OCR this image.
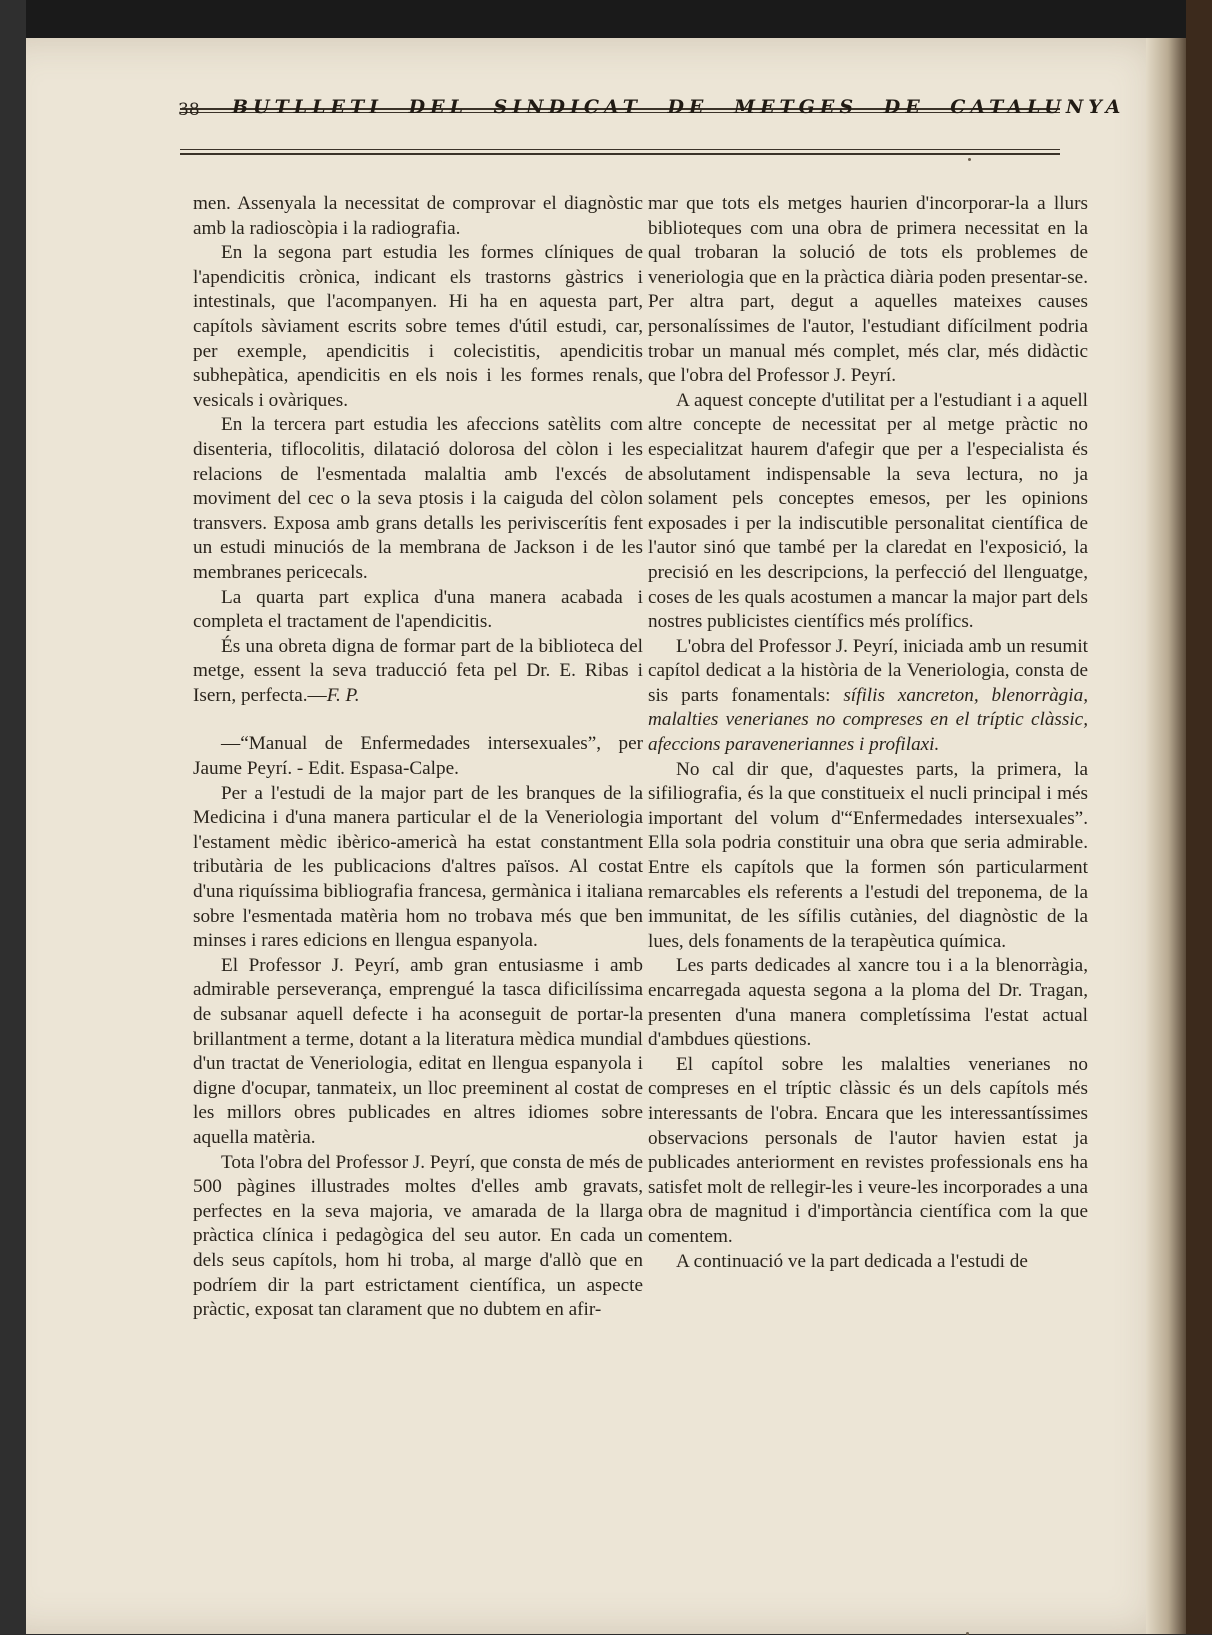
38 BUTLLETI DEL SINDICAT DE METGES DE CATALUNYA

men. Assenyala la necessitat de comprovar el diagnòstic amb la radioscòpia i la radiografia.

En la segona part estudia les formes clíniques de l'apendicitis crònica, indicant els trastorns gàstrics i intestinals, que l'acompanyen. Hi ha en aquesta part, capítols sàviament escrits sobre temes d'útil estudi, car, per exemple, apendicitis i colecistitis, apendicitis subhepàtica, apendicitis en els nois i les formes renals, vesicals i ovàriques.

En la tercera part estudia les afeccions satèlits com disenteria, tiflocolitis, dilatació dolorosa del còlon i les relacions de l'esmentada malaltia amb l'excés de moviment del cec o la seva ptosis i la caiguda del còlon transvers. Exposa amb grans detalls les periviscerítis fent un estudi minuciós de la membrana de Jackson i de les membranes pericecals.

La quarta part explica d'una manera acabada i completa el tractament de l'apendicitis.

És una obreta digna de formar part de la biblioteca del metge, essent la seva traducció feta pel Dr. E. Ribas i Isern, perfecta.—F. P.

—“Manual de Enfermedades intersexuales”, per Jaume Peyrí. - Edit. Espasa-Calpe.

Per a l'estudi de la major part de les branques de la Medicina i d'una manera particular el de la Veneriologia l'estament mèdic ibèrico-americà ha estat constantment tributària de les publicacions d'altres països. Al costat d'una riquíssima bibliografia francesa, germànica i italiana sobre l'esmentada matèria hom no trobava més que ben minses i rares edicions en llengua espanyola.

El Professor J. Peyrí, amb gran entusiasme i amb admirable perseverança, emprengué la tasca dificilíssima de subsanar aquell defecte i ha aconseguit de portar-la brillantment a terme, dotant a la literatura mèdica mundial d'un tractat de Veneriologia, editat en llengua espanyola i digne d'ocupar, tanmateix, un lloc preeminent al costat de les millors obres publicades en altres idiomes sobre aquella matèria.

Tota l'obra del Professor J. Peyrí, que consta de més de 500 pàgines illustrades moltes d'elles amb gravats, perfectes en la seva majoria, ve amarada de la llarga pràctica clínica i pedagògica del seu autor. En cada un dels seus capítols, hom hi troba, al marge d'allò que en podríem dir la part estrictament científica, un aspecte pràctic, exposat tan clarament que no dubtem en afir-

mar que tots els metges haurien d'incorporar-la a llurs biblioteques com una obra de primera necessitat en la qual trobaran la solució de tots els problemes de veneriologia que en la pràctica diària poden presentar-se. Per altra part, degut a aquelles mateixes causes personalíssimes de l'autor, l'estudiant difícilment podria trobar un manual més complet, més clar, més didàctic que l'obra del Professor J. Peyrí.

A aquest concepte d'utilitat per a l'estudiant i a aquell altre concepte de necessitat per al metge pràctic no especialitzat haurem d'afegir que per a l'especialista és absolutament indispensable la seva lectura, no ja solament pels conceptes emesos, per les opinions exposades i per la indiscutible personalitat científica de l'autor sinó que també per la claredat en l'exposició, la precisió en les descripcions, la perfecció del llenguatge, coses de les quals acostumen a mancar la major part dels nostres publicistes científics més prolífics.

L'obra del Professor J. Peyrí, iniciada amb un resumit capítol dedicat a la història de la Veneriologia, consta de sis parts fonamentals: sífilis xancreton, blenorràgia, malalties venerianes no compreses en el tríptic clàssic, afeccions paraveneriannes i profilaxi.

No cal dir que, d'aquestes parts, la primera, la sifiliografia, és la que constitueix el nucli principal i més important del volum d'“Enfermedades intersexuales”. Ella sola podria constituir una obra que seria admirable. Entre els capítols que la formen són particularment remarcables els referents a l'estudi del treponema, de la immunitat, de les sífilis cutànies, del diagnòstic de la lues, dels fonaments de la terapèutica química.

Les parts dedicades al xancre tou i a la blenorràgia, encarregada aquesta segona a la ploma del Dr. Tragan, presenten d'una manera completíssima l'estat actual d'ambdues qüestions.

El capítol sobre les malalties venerianes no compreses en el tríptic clàssic és un dels capítols més interessants de l'obra. Encara que les interessantíssimes observacions personals de l'autor havien estat ja publicades anteriorment en revistes professionals ens ha satisfet molt de rellegir-les i veure-les incorporades a una obra de magnitud i d'importància científica com la que comentem.

A continuació ve la part dedicada a l'estudi de
